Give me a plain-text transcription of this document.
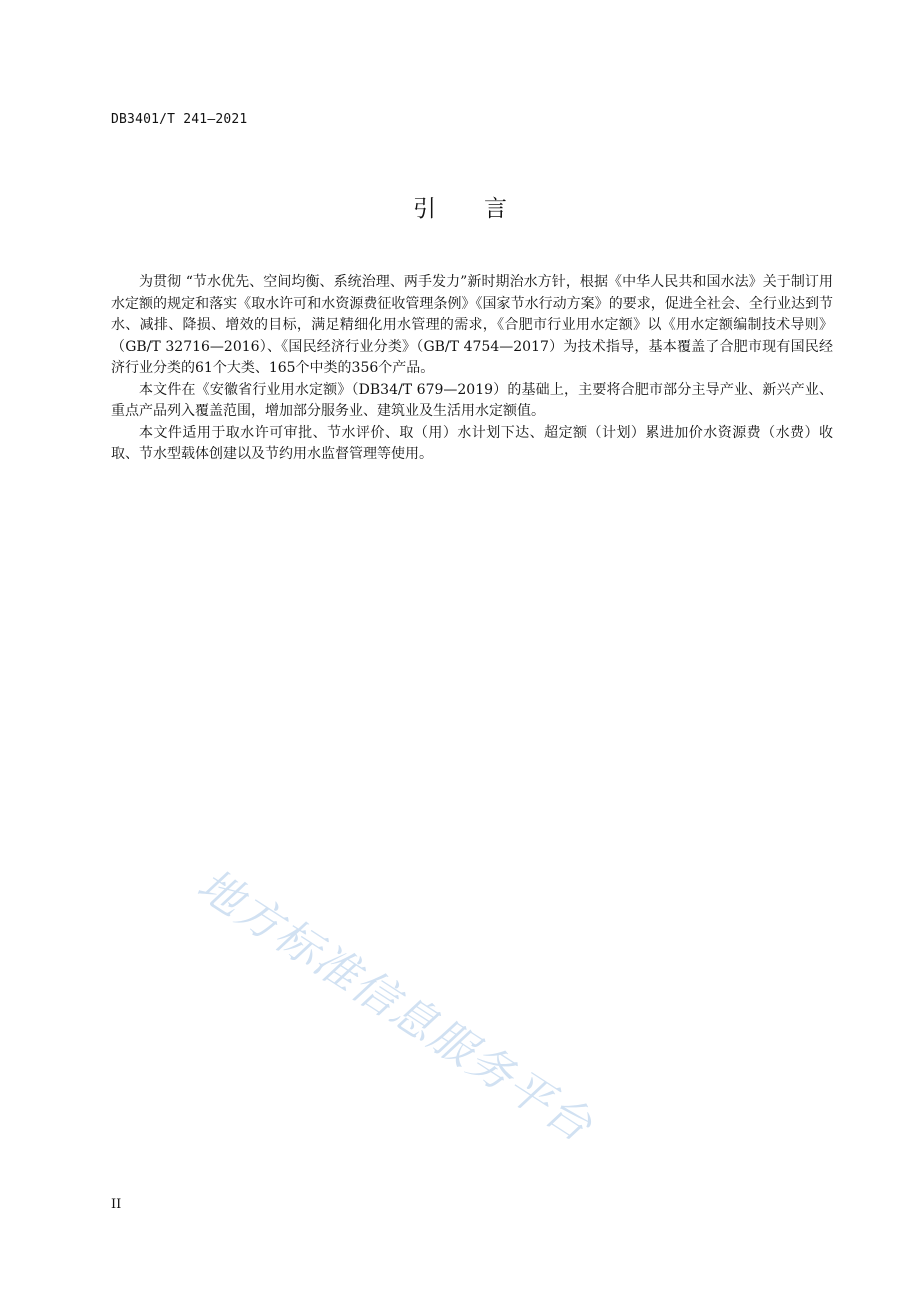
DB3401/T 241—2021
引言

为贯彻 “节水优先、空间均衡、系统治理、两手发力”新时期治水方针，根据《中华人民共和国水法》关于制订用水定额的规定和落实《取水许可和水资源费征收管理条例》《国家节水行动方案》的要求，促进全社会、全行业达到节水、减排、降损、增效的目标，满足精细化用水管理的需求，《合肥市行业用水定额》以《用水定额编制技术导则》（GB/T 32716—2016）、《国民经济行业分类》（GB/T 4754—2017）为技术指导，基本覆盖了合肥市现有国民经济行业分类的61个大类、165个中类的356个产品。

本文件在《安徽省行业用水定额》（DB34/T 679—2019）的基础上，主要将合肥市部分主导产业、新兴产业、重点产品列入覆盖范围，增加部分服务业、建筑业及生活用水定额值。

本文件适用于取水许可审批、节水评价、取（用）水计划下达、超定额（计划）累进加价水资源费（水费）收取、节水型载体创建以及节约用水监督管理等使用。

地方标准信息服务平台
II
